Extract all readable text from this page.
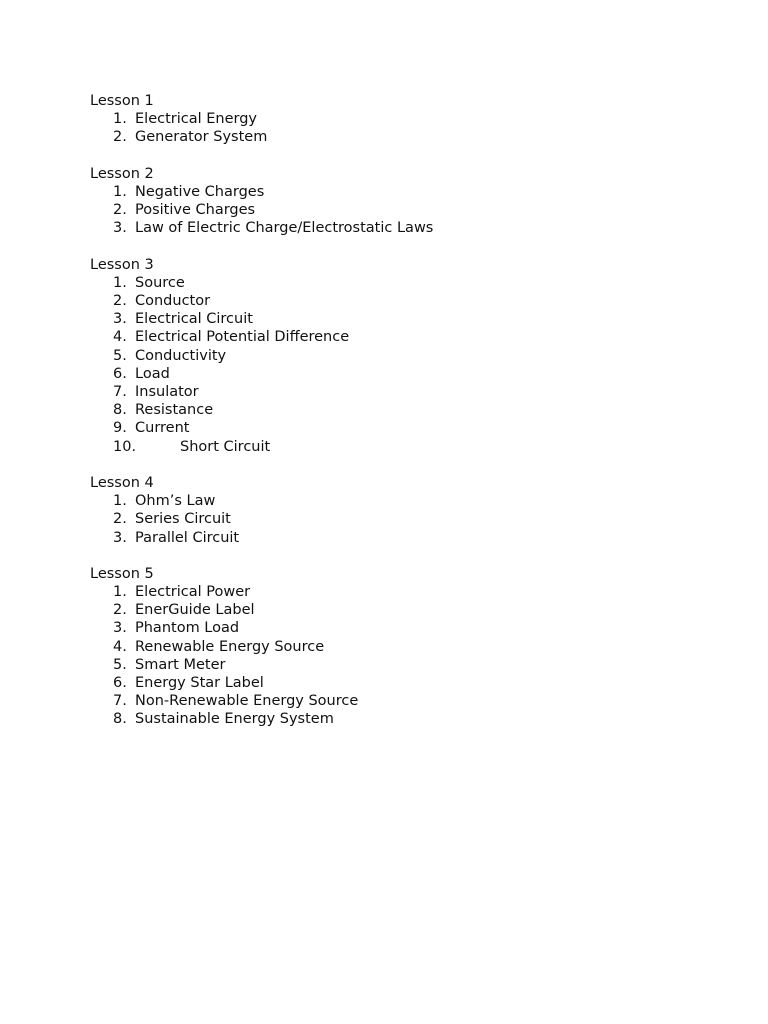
Lesson 1
1. Electrical Energy
2. Generator System
Lesson 2
1. Negative Charges
2. Positive Charges
3. Law of Electric Charge/Electrostatic Laws
Lesson 3
1. Source
2. Conductor
3. Electrical Circuit
4. Electrical Potential Difference
5. Conductivity
6. Load
7. Insulator
8. Resistance
9. Current
10.	Short Circuit
Lesson 4
1. Ohm’s Law
2. Series Circuit
3. Parallel Circuit
Lesson 5
1. Electrical Power
2. EnerGuide Label
3. Phantom Load
4. Renewable Energy Source
5. Smart Meter
6. Energy Star Label
7. Non-Renewable Energy Source
8. Sustainable Energy System
